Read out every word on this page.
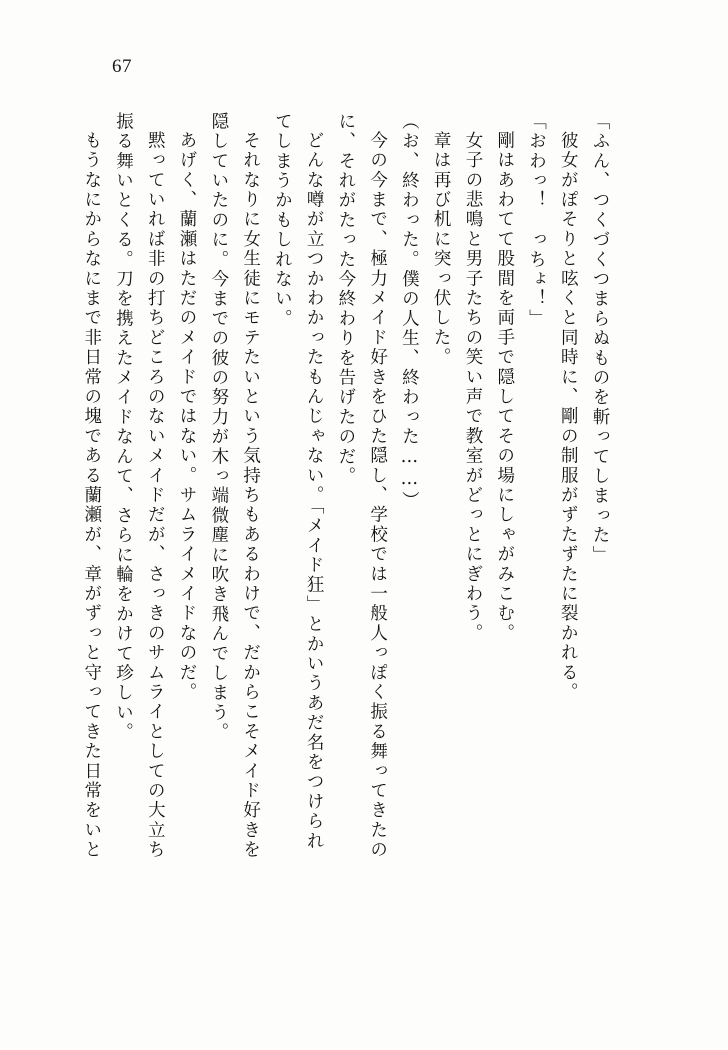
67
「ふん、つくづくつまらぬものを斬ってしまった」
彼女がぽそりと呟くと同時に、剛の制服がずたずたに裂かれる。
「おわっ！　っちょ！」
剛はあわてて股間を両手で隠してその場にしゃがみこむ。
女子の悲鳴と男子たちの笑い声で教室がどっとにぎわう。
章は再び机に突っ伏した。
（お、終わった。僕の人生、終わった……）
今の今まで、極力メイド好きをひた隠し、学校では一般人っぽく振る舞ってきたの
に、それがたった今終わりを告げたのだ。
どんな噂が立つかわかったもんじゃない。「メイド狂」とかいうあだ名をつけられ
てしまうかもしれない。
それなりに女生徒にモテたいという気持ちもあるわけで、だからこそメイド好きを
隠していたのに。今までの彼の努力が木っ端微塵に吹き飛んでしまう。
あげく、蘭瀬はただのメイドではない。サムライメイドなのだ。
黙っていれば非の打ちどころのないメイドだが、さっきのサムライとしての大立ち
振る舞いとくる。刀を携えたメイドなんて、さらに輪をかけて珍しい。
もうなにからなにまで非日常の塊である蘭瀬が、章がずっと守ってきた日常をいと
